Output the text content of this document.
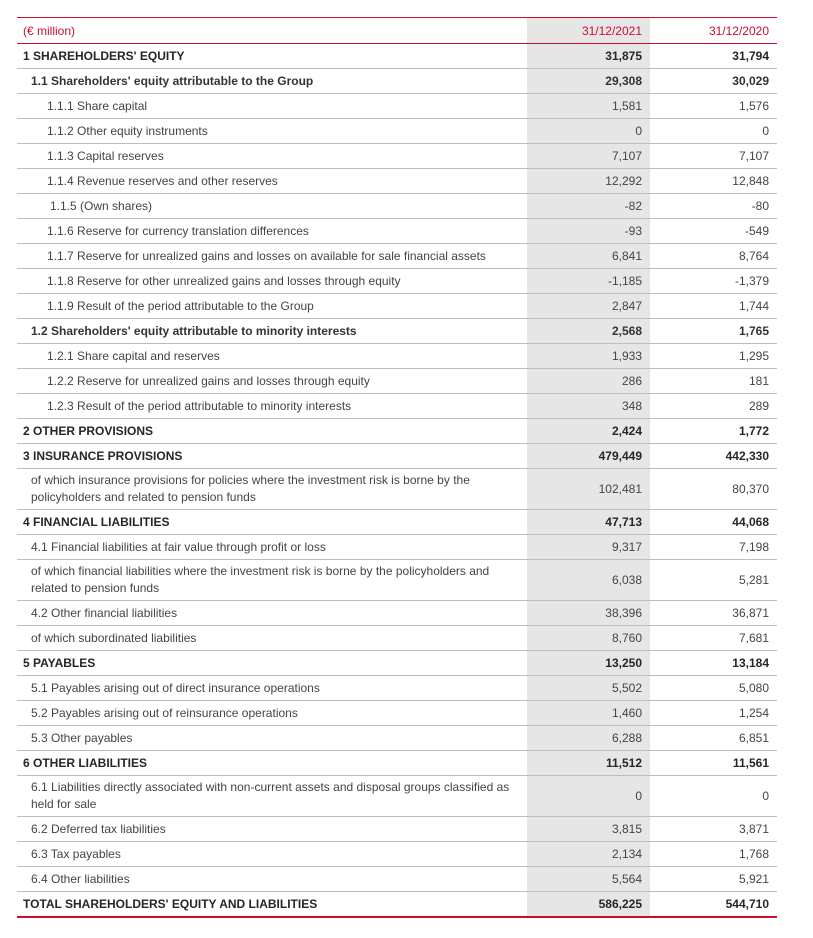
(€ million)	31/12/2021	31/12/2020
1 SHAREHOLDERS' EQUITY	31,875	31,794
1.1 Shareholders' equity attributable to the Group	29,308	30,029
1.1.1 Share capital	1,581	1,576
1.1.2 Other equity instruments	0	0
1.1.3 Capital reserves	7,107	7,107
1.1.4 Revenue reserves and other reserves	12,292	12,848
1.1.5 (Own shares)	-82	-80
1.1.6 Reserve for currency translation differences	-93	-549
1.1.7 Reserve for unrealized gains and losses on available for sale financial assets	6,841	8,764
1.1.8 Reserve for other unrealized gains and losses through equity	-1,185	-1,379
1.1.9 Result of the period attributable to the Group	2,847	1,744
1.2 Shareholders' equity attributable to minority interests	2,568	1,765
1.2.1 Share capital and reserves	1,933	1,295
1.2.2 Reserve for unrealized gains and losses through equity	286	181
1.2.3 Result of the period attributable to minority interests	348	289
2 OTHER PROVISIONS	2,424	1,772
3 INSURANCE PROVISIONS	479,449	442,330
of which insurance provisions for policies where the investment risk is borne by the policyholders and related to pension funds	102,481	80,370
4 FINANCIAL LIABILITIES	47,713	44,068
4.1 Financial liabilities at fair value through profit or loss	9,317	7,198
of which financial liabilities where the investment risk is borne by the policyholders and related to pension funds	6,038	5,281
4.2 Other financial liabilities	38,396	36,871
of which subordinated liabilities	8,760	7,681
5 PAYABLES	13,250	13,184
5.1 Payables arising out of direct insurance operations	5,502	5,080
5.2 Payables arising out of reinsurance operations	1,460	1,254
5.3 Other payables	6,288	6,851
6 OTHER LIABILITIES	11,512	11,561
6.1 Liabilities directly associated with non-current assets and disposal groups classified as held for sale	0	0
6.2 Deferred tax liabilities	3,815	3,871
6.3 Tax payables	2,134	1,768
6.4 Other liabilities	5,564	5,921
TOTAL SHAREHOLDERS' EQUITY AND LIABILITIES	586,225	544,710
